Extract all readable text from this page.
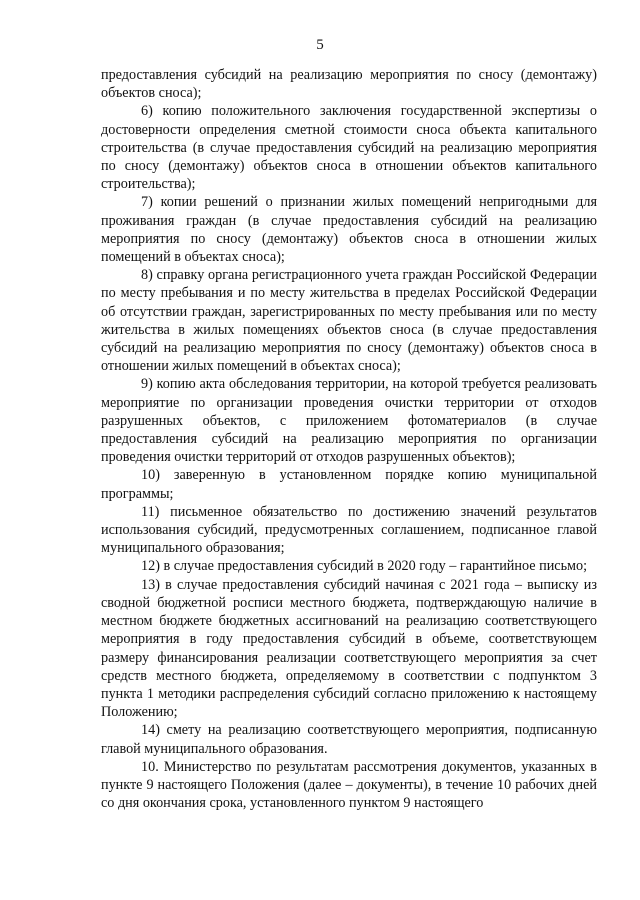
5

предоставления субсидий на реализацию мероприятия по сносу (демонтажу) объектов сноса);

6) копию положительного заключения государственной экспертизы о достоверности определения сметной стоимости сноса объекта капитального строительства (в случае предоставления субсидий на реализацию мероприятия по сносу (демонтажу) объектов сноса в отношении объектов капитального строительства);

7) копии решений о признании жилых помещений непригодными для проживания граждан (в случае предоставления субсидий на реализацию мероприятия по сносу (демонтажу) объектов сноса в отношении жилых помещений в объектах сноса);

8) справку органа регистрационного учета граждан Российской Федерации по месту пребывания и по месту жительства в пределах Российской Федерации об отсутствии граждан, зарегистрированных по месту пребывания или по месту жительства в жилых помещениях объектов сноса (в случае предоставления субсидий на реализацию мероприятия по сносу (демонтажу) объектов сноса в отношении жилых помещений в объектах сноса);

9) копию акта обследования территории, на которой требуется реализовать мероприятие по организации проведения очистки территории от отходов разрушенных объектов, с приложением фотоматериалов (в случае предоставления субсидий на реализацию мероприятия по организации проведения очистки территорий от отходов разрушенных объектов);

10) заверенную в установленном порядке копию муниципальной программы;

11) письменное обязательство по достижению значений результатов использования субсидий, предусмотренных соглашением, подписанное главой муниципального образования;

12) в случае предоставления субсидий в 2020 году – гарантийное письмо;

13) в случае предоставления субсидий начиная с 2021 года – выписку из сводной бюджетной росписи местного бюджета, подтверждающую наличие в местном бюджете бюджетных ассигнований на реализацию соответствующего мероприятия в году предоставления субсидий в объеме, соответствующем размеру финансирования реализации соответствующего мероприятия за счет средств местного бюджета, определяемому в соответствии с подпунктом 3 пункта 1 методики распределения субсидий согласно приложению к настоящему Положению;

14) смету на реализацию соответствующего мероприятия, подписанную главой муниципального образования.

10. Министерство по результатам рассмотрения документов, указанных в пункте 9 настоящего Положения (далее – документы), в течение 10 рабочих дней со дня окончания срока, установленного пунктом 9 настоящего
